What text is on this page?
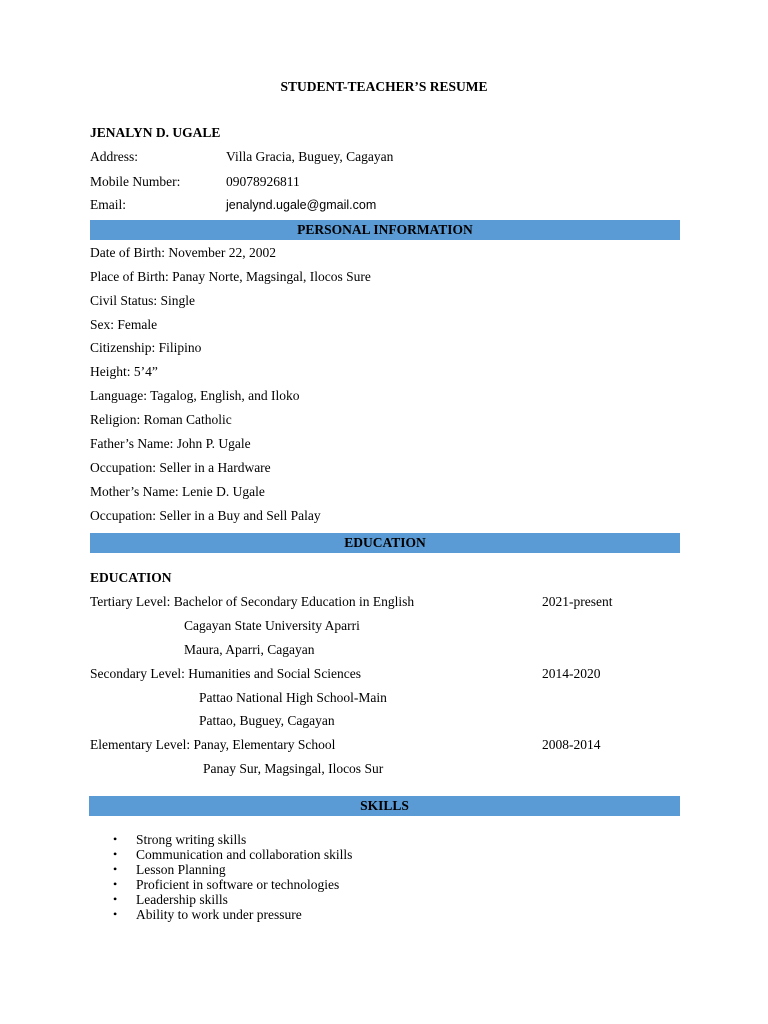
STUDENT-TEACHER’S RESUME
JENALYN D. UGALE
Address:	Villa Gracia, Buguey, Cagayan
Mobile Number:	09078926811
Email:	jenalynd.ugale@gmail.com
PERSONAL INFORMATION
Date of Birth: November 22, 2002
Place of Birth: Panay Norte, Magsingal, Ilocos Sure
Civil Status: Single
Sex: Female
Citizenship: Filipino
Height: 5’4”
Language: Tagalog, English, and Iloko
Religion: Roman Catholic
Father’s Name: John P. Ugale
Occupation: Seller in a Hardware
Mother’s Name: Lenie D. Ugale
Occupation: Seller in a Buy and Sell Palay
EDUCATION
EDUCATION
Tertiary Level: Bachelor of Secondary Education in English	2021-present
Cagayan State University Aparri
Maura, Aparri, Cagayan
Secondary Level: Humanities and Social Sciences	2014-2020
Pattao National High School-Main
Pattao, Buguey, Cagayan
Elementary Level: Panay, Elementary School	2008-2014
Panay Sur, Magsingal, Ilocos Sur
SKILLS
• Strong writing skills
• Communication and collaboration skills
• Lesson Planning
• Proficient in software or technologies
• Leadership skills
• Ability to work under pressure
